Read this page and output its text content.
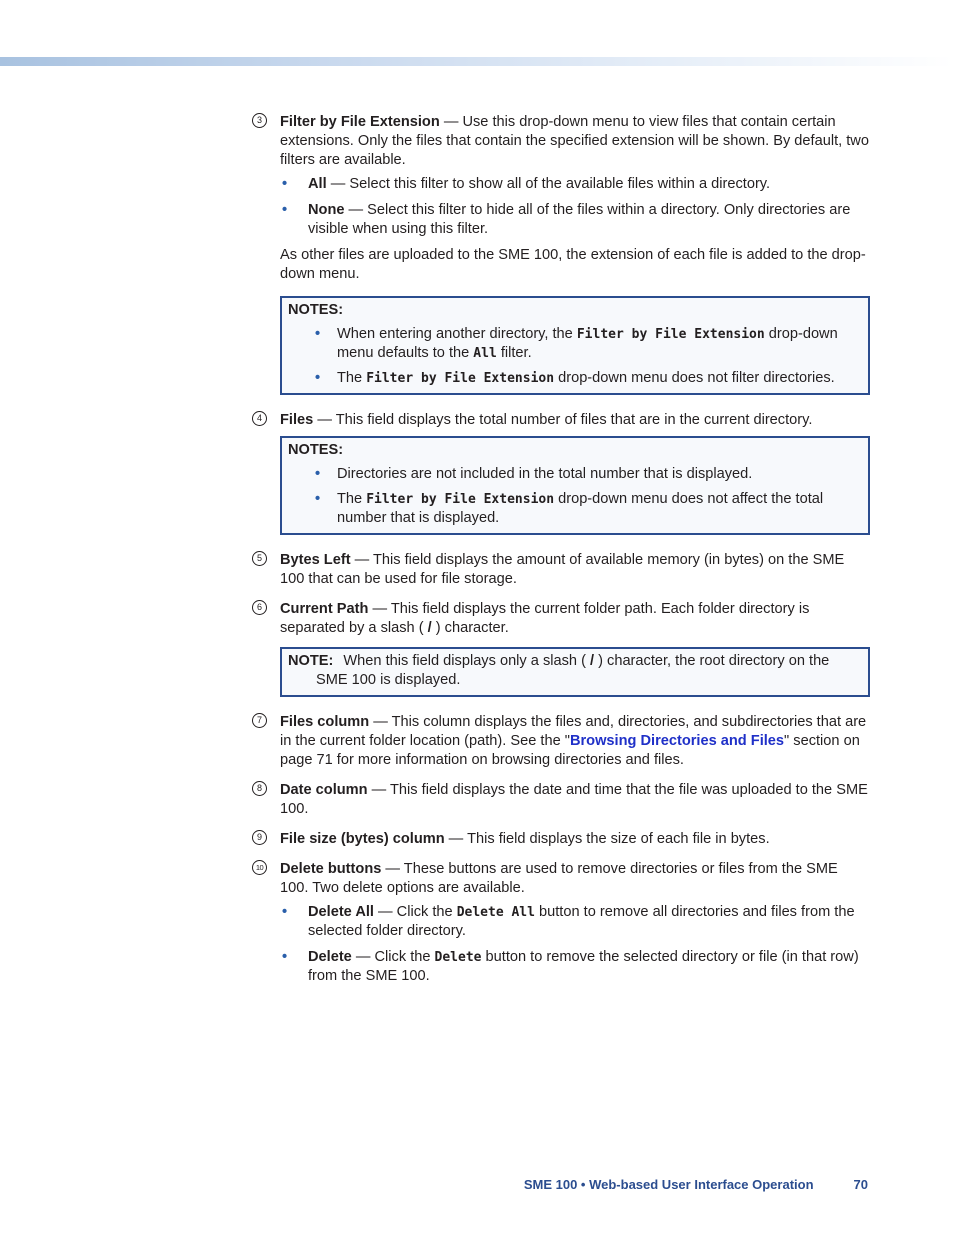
3	Filter by File Extension — Use this drop-down menu to view files that contain certain extensions. Only the files that contain the specified extension will be shown. By default, two filters are available.

• All — Select this filter to show all of the available files within a directory.
• None — Select this filter to hide all of the files within a directory. Only directories are visible when using this filter.

As other files are uploaded to the SME 100, the extension of each file is added to the drop-down menu.

NOTES:
• When entering another directory, the Filter by File Extension drop-down menu defaults to the All filter.
• The Filter by File Extension drop-down menu does not filter directories.
4	Files — This field displays the total number of files that are in the current directory.

NOTES:
• Directories are not included in the total number that is displayed.
• The Filter by File Extension drop-down menu does not affect the total number that is displayed.
5	Bytes Left — This field displays the amount of available memory (in bytes) on the SME 100 that can be used for file storage.

6	Current Path — This field displays the current folder path. Each folder directory is separated by a slash ( / ) character.

NOTE: When this field displays only a slash ( / ) character, the root directory on the SME 100 is displayed.
7	Files column — This column displays the files and, directories, and subdirectories that are in the current folder location (path). See the "Browsing Directories and Files" section on page 71 for more information on browsing directories and files.

8	Date column — This field displays the date and time that the file was uploaded to the SME 100.

9	File size (bytes) column — This field displays the size of each file in bytes.

10 Delete buttons — These buttons are used to remove directories or files from the SME 100. Two delete options are available.

• Delete All — Click the Delete All button to remove all directories and files from the selected folder directory.
• Delete — Click the Delete button to remove the selected directory or file (in that row) from the SME 100.
SME 100 • Web-based User Interface Operation	70
